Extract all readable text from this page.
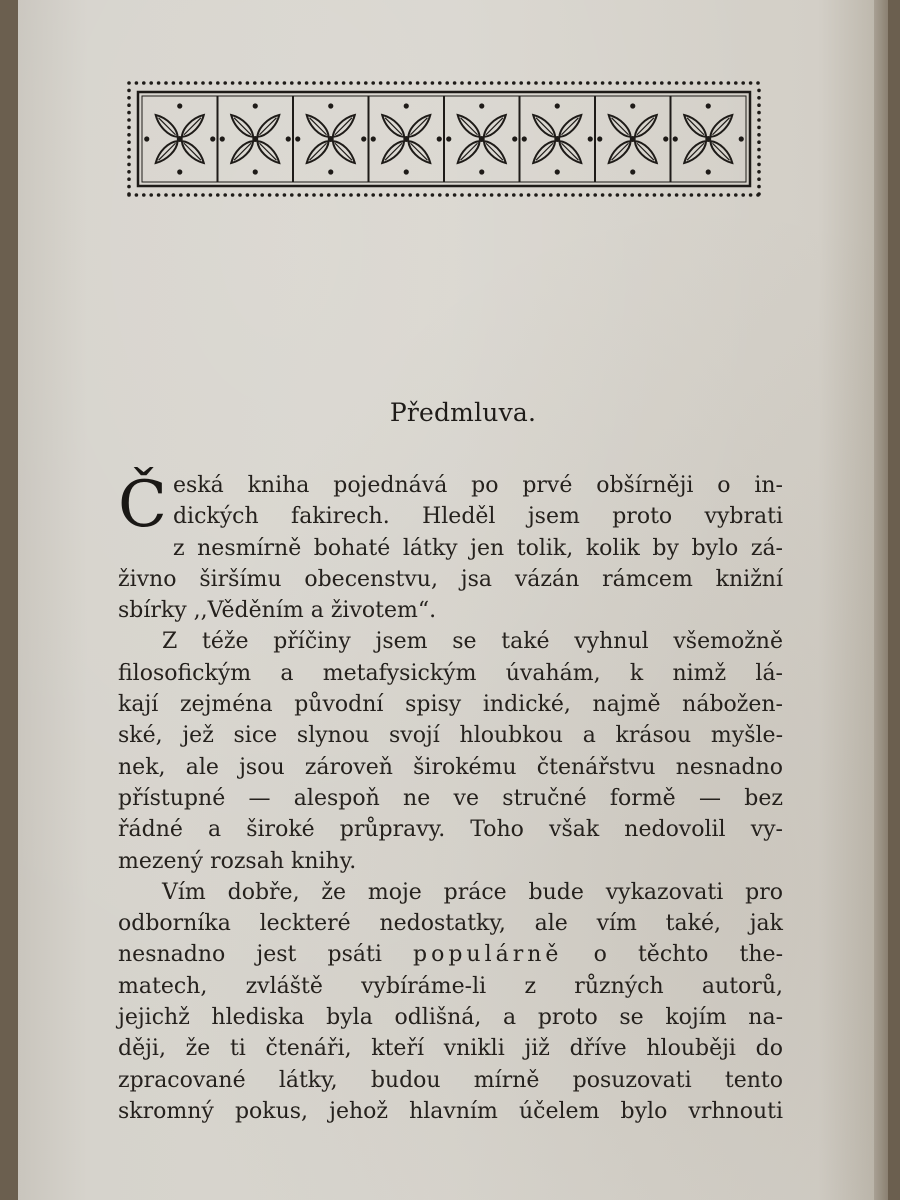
Předmluva.
Č eská kniha pojednává po prvé obšírněji o in-
dických fakirech. Hleděl jsem proto vybrati
z nesmírně bohaté látky jen tolik, kolik by bylo zá-
živno širšímu obecenstvu, jsa vázán rámcem knižní
sbírky ,,Věděním a životem“.
Z téže příčiny jsem se také vyhnul všemožně
filosofickým a metafysickým úvahám, k nimž lá-
kají zejména původní spisy indické, najmě nábožen-
ské, jež sice slynou svojí hloubkou a krásou myšle-
nek, ale jsou zároveň širokému čtenářstvu nesnadno
přístupné — alespoň ne ve stručné formě — bez
řádné a široké průpravy. Toho však nedovolil vy-
mezený rozsah knihy.
Vím dobře, že moje práce bude vykazovati pro
odborníka leckteré nedostatky, ale vím také, jak
nesnadno jest psáti populárně o těchto the-
matech, zvláště vybíráme-li z různých autorů,
jejichž hlediska byla odlišná, a proto se kojím na-
ději, že ti čtenáři, kteří vnikli již dříve hlouběji do
zpracované látky, budou mírně posuzovati tento
skromný pokus, jehož hlavním účelem bylo vrhnouti
